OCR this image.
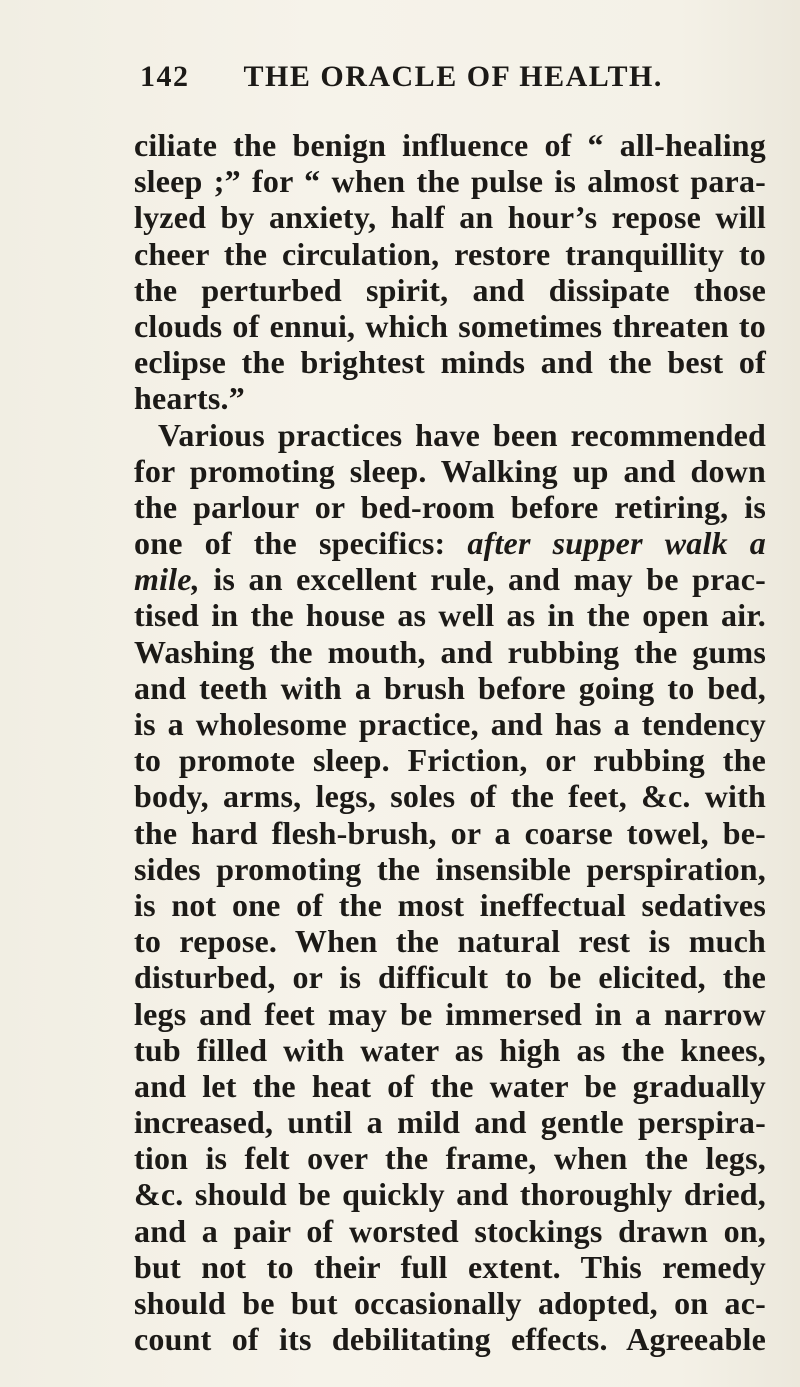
142 THE ORACLE OF HEALTH.
ciliate the benign influence of “ all-healing
sleep ;” for “ when the pulse is almost para-
lyzed by anxiety, half an hour’s repose will
cheer the circulation, restore tranquillity to
the perturbed spirit, and dissipate those
clouds of ennui, which sometimes threaten to
eclipse the brightest minds and the best of
hearts.”
Various practices have been recommended
for promoting sleep. Walking up and down
the parlour or bed-room before retiring, is
one of the specifics: after supper walk a
mile, is an excellent rule, and may be prac-
tised in the house as well as in the open air.
Washing the mouth, and rubbing the gums
and teeth with a brush before going to bed,
is a wholesome practice, and has a tendency
to promote sleep. Friction, or rubbing the
body, arms, legs, soles of the feet, &c. with
the hard flesh-brush, or a coarse towel, be-
sides promoting the insensible perspiration,
is not one of the most ineffectual sedatives
to repose. When the natural rest is much
disturbed, or is difficult to be elicited, the
legs and feet may be immersed in a narrow
tub filled with water as high as the knees,
and let the heat of the water be gradually
increased, until a mild and gentle perspira-
tion is felt over the frame, when the legs,
&c. should be quickly and thoroughly dried,
and a pair of worsted stockings drawn on,
but not to their full extent. This remedy
should be but occasionally adopted, on ac-
count of its debilitating effects. Agreeable
